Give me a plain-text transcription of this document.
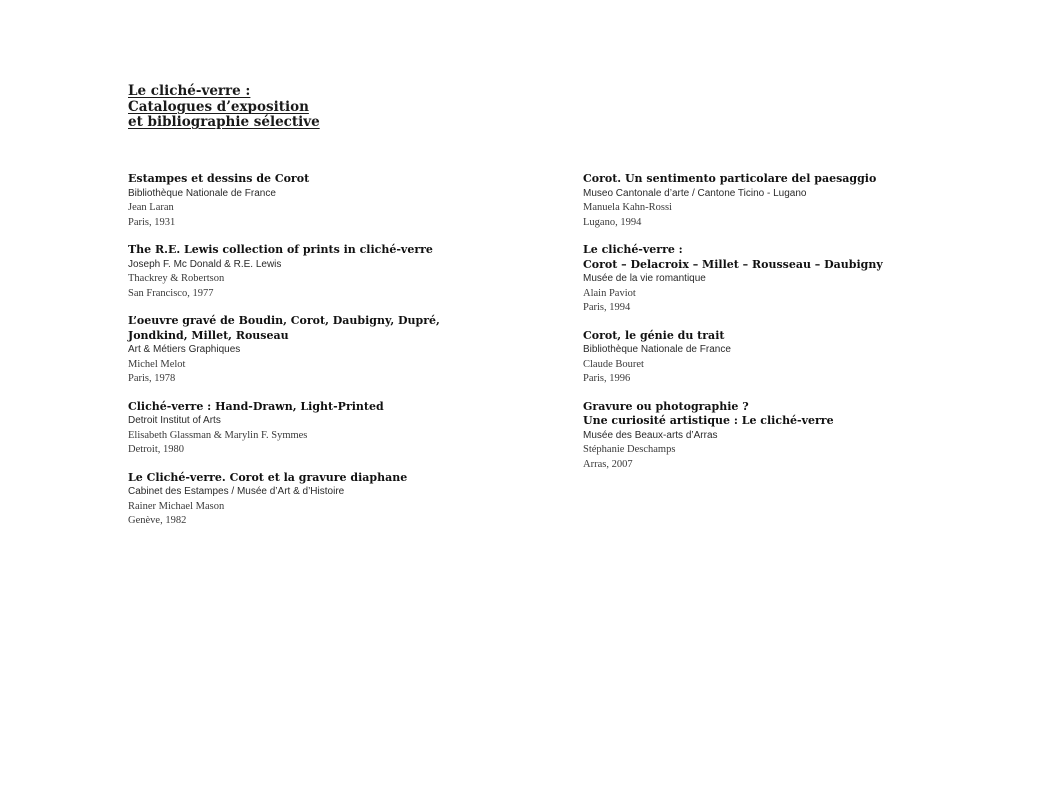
Le cliché-verre :
Catalogues d’exposition
et bibliographie sélective
Estampes et dessins de Corot
Bibliothèque Nationale de France
Jean Laran
Paris, 1931
The R.E. Lewis collection of prints in cliché-verre
Joseph F. Mc Donald & R.E. Lewis
Thackrey & Robertson
San Francisco, 1977
L’oeuvre gravé de Boudin, Corot, Daubigny, Dupré,
Jondkind, Millet, Rouseau
Art & Métiers Graphiques
Michel Melot
Paris, 1978
Cliché-verre : Hand-Drawn, Light-Printed
Detroit Institut of Arts
Elisabeth Glassman & Marylin F. Symmes
Detroit, 1980
Le Cliché-verre. Corot et la gravure diaphane
Cabinet des Estampes / Musée d’Art & d’Histoire
Rainer Michael Mason
Genève, 1982
Corot. Un sentimento particolare del paesaggio
Museo Cantonale d’arte / Cantone Ticino - Lugano
Manuela Kahn-Rossi
Lugano, 1994
Le cliché-verre :
Corot – Delacroix – Millet – Rousseau – Daubigny
Musée de la vie romantique
Alain Paviot
Paris, 1994
Corot, le génie du trait
Bibliothèque Nationale de France
Claude Bouret
Paris, 1996
Gravure ou photographie ?
Une curiosité artistique : Le cliché-verre
Musée des Beaux-arts d’Arras
Stéphanie Deschamps
Arras, 2007
